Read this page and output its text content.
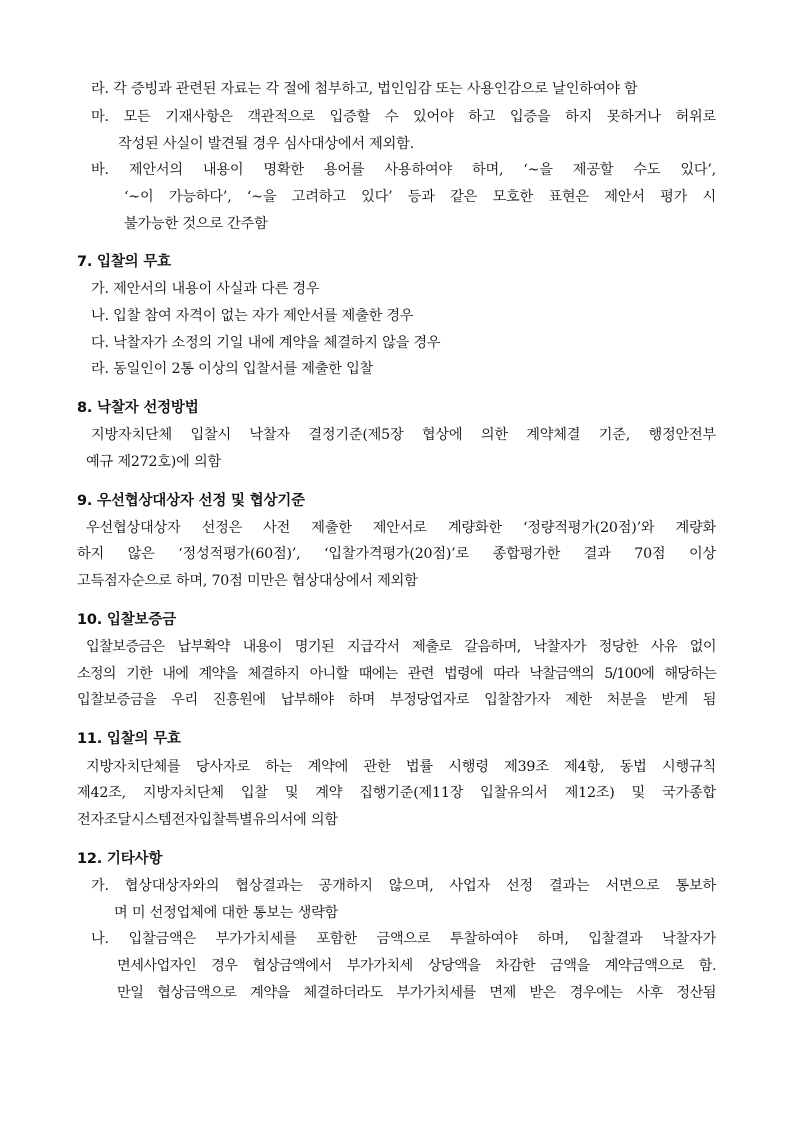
라. 각 증빙과 관련된 자료는 각 절에 첨부하고, 법인임감 또는 사용인감으로 날인하여야 함
마. 모든 기재사항은 객관적으로 입증할 수 있어야 하고 입증을 하지 못하거나 허위로
작성된 사실이 발견될 경우 심사대상에서 제외함.
바. 제안서의 내용이 명확한 용어를 사용하여야 하며, ‘~을 제공할 수도 있다’,
‘~이 가능하다’, ‘~을 고려하고 있다’ 등과 같은 모호한 표현은 제안서 평가 시
불가능한 것으로 간주함
7. 입찰의 무효
가. 제안서의 내용이 사실과 다른 경우
나. 입찰 참여 자격이 없는 자가 제안서를 제출한 경우
다. 낙찰자가 소정의 기일 내에 계약을 체결하지 않을 경우
라. 동일인이 2통 이상의 입찰서를 제출한 입찰
8. 낙찰자 선정방법
지방자치단체 입찰시 낙찰자 결정기준(제5장 협상에 의한 계약체결 기준, 행정안전부
예규 제272호)에 의함
9. 우선협상대상자 선정 및 협상기준
우선협상대상자 선정은 사전 제출한 제안서로 계량화한 ‘정량적평가(20점)’와 계량화
하지 않은 ‘정성적평가(60점)’, ‘입찰가격평가(20점)’로 종합평가한 결과 70점 이상
고득점자순으로 하며, 70점 미만은 협상대상에서 제외함
10. 입찰보증금
입찰보증금은 납부확약 내용이 명기된 지급각서 제출로 갈음하며, 낙찰자가 정당한 사유 없이
소정의 기한 내에 계약을 체결하지 아니할 때에는 관련 법령에 따라 낙찰금액의 5/100에 해당하는
입찰보증금을 우리 진흥원에 납부해야 하며 부정당업자로 입찰참가자 제한 처분을 받게 됨
11. 입찰의 무효
지방자치단체를 당사자로 하는 계약에 관한 법률 시행령 제39조 제4항, 동법 시행규칙
제42조, 지방자치단체 입찰 및 계약 집행기준(제11장 입찰유의서 제12조) 및 국가종합
전자조달시스템전자입찰특별유의서에 의함
12. 기타사항
가. 협상대상자와의 협상결과는 공개하지 않으며, 사업자 선정 결과는 서면으로 통보하
며 미 선정업체에 대한 통보는 생략함
나. 입찰금액은 부가가치세를 포함한 금액으로 투찰하여야 하며, 입찰결과 낙찰자가
면세사업자인 경우 협상금액에서 부가가치세 상당액을 차감한 금액을 계약금액으로 함.
만일 협상금액으로 계약을 체결하더라도 부가가치세를 면제 받은 경우에는 사후 정산됨
